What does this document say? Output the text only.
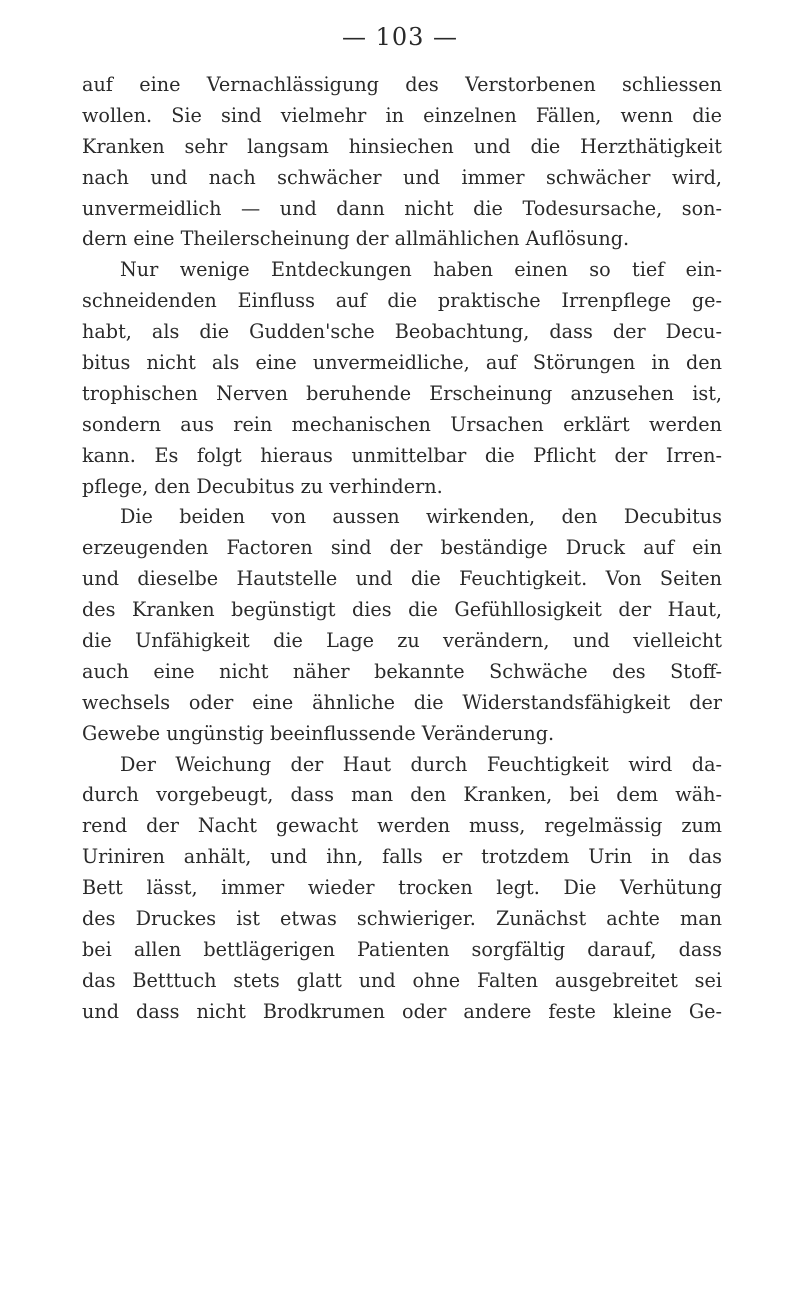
— 103 —
auf eine Vernachlässigung des Verstorbenen schliessen
wollen. Sie sind vielmehr in einzelnen Fällen, wenn die
Kranken sehr langsam hinsiechen und die Herzthätigkeit
nach und nach schwächer und immer schwächer wird,
unvermeidlich — und dann nicht die Todesursache, son-
dern eine Theilerscheinung der allmählichen Auflösung.
Nur wenige Entdeckungen haben einen so tief ein-
schneidenden Einfluss auf die praktische Irrenpflege ge-
habt, als die Gudden'sche Beobachtung, dass der Decu-
bitus nicht als eine unvermeidliche, auf Störungen in den
trophischen Nerven beruhende Erscheinung anzusehen ist,
sondern aus rein mechanischen Ursachen erklärt werden
kann. Es folgt hieraus unmittelbar die Pflicht der Irren-
pflege, den Decubitus zu verhindern.
Die beiden von aussen wirkenden, den Decubitus
erzeugenden Factoren sind der beständige Druck auf ein
und dieselbe Hautstelle und die Feuchtigkeit. Von Seiten
des Kranken begünstigt dies die Gefühllosigkeit der Haut,
die Unfähigkeit die Lage zu verändern, und vielleicht
auch eine nicht näher bekannte Schwäche des Stoff-
wechsels oder eine ähnliche die Widerstandsfähigkeit der
Gewebe ungünstig beeinflussende Veränderung.
Der Weichung der Haut durch Feuchtigkeit wird da-
durch vorgebeugt, dass man den Kranken, bei dem wäh-
rend der Nacht gewacht werden muss, regelmässig zum
Uriniren anhält, und ihn, falls er trotzdem Urin in das
Bett lässt, immer wieder trocken legt. Die Verhütung
des Druckes ist etwas schwieriger. Zunächst achte man
bei allen bettlägerigen Patienten sorgfältig darauf, dass
das Betttuch stets glatt und ohne Falten ausgebreitet sei
und dass nicht Brodkrumen oder andere feste kleine Ge-
